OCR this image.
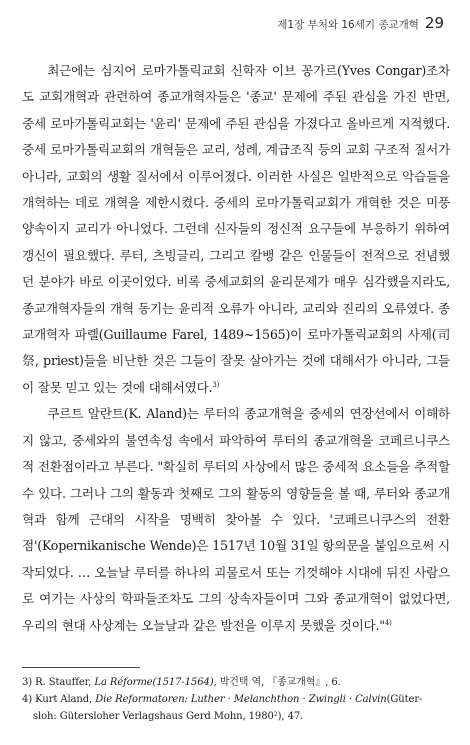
제1장 부처와 16세기 종교개혁 29

최근에는 심지어 로마가톨릭교회 신학자 이브 꽁가르(Yves Congar)조차도 교회개혁과 관련하여 종교개혁자들은 '종교' 문제에 주된 관심을 가진 반면, 중세 로마가톨릭교회는 '윤리' 문제에 주된 관심을 가졌다고 올바르게 지적했다. 중세 로마가톨릭교회의 개혁들은 교리, 성례, 계급조직 등의 교회 구조적 질서가 아니라, 교회의 생활 질서에서 이루어졌다. 이러한 사실은 일반적으로 악습들을 개혁하는 데로 개혁을 제한시켰다. 중세의 로마가톨릭교회가 개혁한 것은 미풍양속이지 교리가 아니었다. 그런데 신자들의 정신적 요구들에 부응하기 위하여 갱신이 필요했다. 루터, 츠빙글리, 그리고 칼뱅 같은 인물들이 전적으로 전념했던 분야가 바로 이곳이었다. 비록 중세교회의 윤리문제가 매우 심각했을지라도, 종교개혁자들의 개혁 동기는 윤리적 오류가 아니라, 교리와 진리의 오류였다. 종교개혁자 파렐(Guillaume Farel, 1489~1565)이 로마가톨릭교회의 사제(司祭, priest)들을 비난한 것은 그들이 잘못 살아가는 것에 대해서가 아니라, 그들이 잘못 믿고 있는 것에 대해서였다.$^{3)}$

쿠르트 알란트(K. Aland)는 루터의 종교개혁을 중세의 연장선에서 이해하지 않고, 중세와의 불연속성 속에서 파악하여 루터의 종교개혁을 코페르니쿠스적 전환점이라고 부른다. "확실히 루터의 사상에서 많은 중세적 요소들을 추적할 수 있다. 그러나 그의 활동과 첫째로 그의 활동의 영향들을 볼 때, 루터와 종교개혁과 함께 근대의 시작을 명백히 찾아볼 수 있다. '코페르니쿠스의 전환점'(Kopernikanische Wende)은 1517년 10월 31일 항의문을 붙임으로써 시작되었다. … 오늘날 루터를 하나의 괴물로서 또는 기껏해야 시대에 뒤진 사람으로 여기는 사상의 학파들조차도 그의 상속자들이며 그와 종교개혁이 없었다면, 우리의 현대 사상계는 오늘날과 같은 발전을 이루지 못했을 것이다."$^{4)}$

3) R. Stauffer, La Réforme(1517-1564), 박건택 역, 『종교개혁』, 6.

4) Kurt Aland, Die Reformatoren: Luther · Melanchthon · Zwingli · Calvin(Güter-
sloh: Gütersloher Verlagshaus Gerd Mohn, 1980²), 47.
